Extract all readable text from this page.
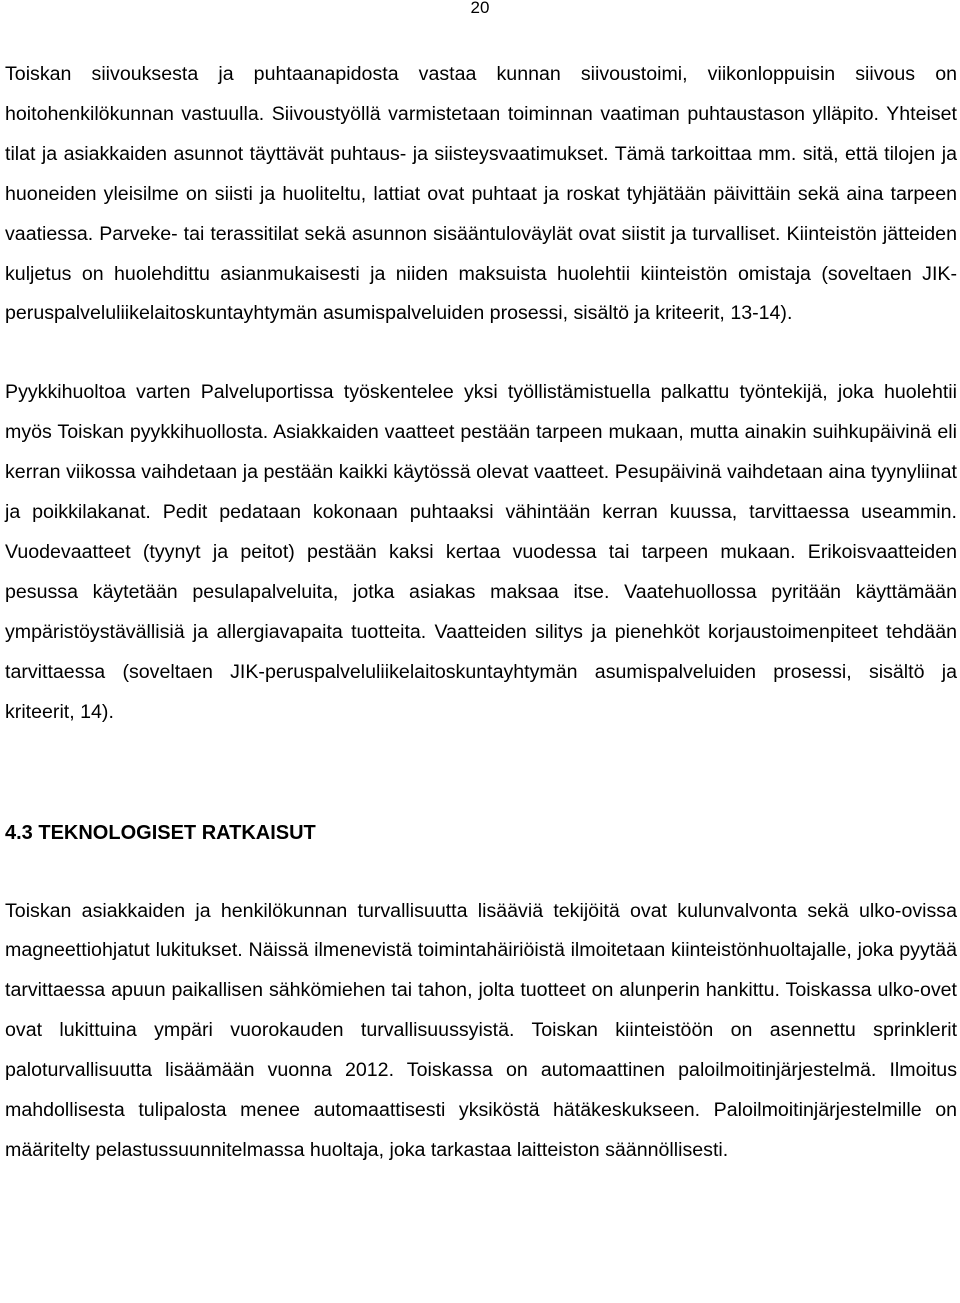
20

Toiskan siivouksesta ja puhtaanapidosta vastaa kunnan siivoustoimi, viikonloppuisin siivous on hoitohenkilökunnan vastuulla. Siivoustyöllä varmistetaan toiminnan vaatiman puhtaustason ylläpito. Yhteiset tilat ja asiakkaiden asunnot täyttävät puhtaus- ja siisteysvaatimukset. Tämä tarkoittaa mm. sitä, että tilojen ja huoneiden yleisilme on siisti ja huoliteltu, lattiat ovat puhtaat ja roskat tyhjätään päivittäin sekä aina tarpeen vaatiessa. Parveke- tai terassitilat sekä asunnon sisääntuloväylät ovat siistit ja turvalliset. Kiinteistön jätteiden kuljetus on huolehdittu asianmukaisesti ja niiden maksuista huolehtii kiinteistön omistaja (soveltaen JIK-peruspalveluliikelaitoskuntayhtymän asumispalveluiden prosessi, sisältö ja kriteerit, 13-14).

Pyykkihuoltoa varten Palveluportissa työskentelee yksi työllistämistuella palkattu työntekijä, joka huolehtii myös Toiskan pyykkihuollosta. Asiakkaiden vaatteet pestään tarpeen mukaan, mutta ainakin suihkupäivinä eli kerran viikossa vaihdetaan ja pestään kaikki käytössä olevat vaatteet. Pesupäivinä vaihdetaan aina tyynyliinat ja poikkilakanat. Pedit pedataan kokonaan puhtaaksi vähintään kerran kuussa, tarvittaessa useammin. Vuodevaatteet (tyynyt ja peitot) pestään kaksi kertaa vuodessa tai tarpeen mukaan. Erikoisvaatteiden pesussa käytetään pesulapalveluita, jotka asiakas maksaa itse. Vaatehuollossa pyritään käyttämään ympäristöystävällisiä ja allergiavapaita tuotteita. Vaatteiden silitys ja pienehköt korjaustoimenpiteet tehdään tarvittaessa (soveltaen JIK-peruspalveluliikelaitoskuntayhtymän asumispalveluiden prosessi, sisältö ja kriteerit, 14).

4.3 TEKNOLOGISET RATKAISUT

Toiskan asiakkaiden ja henkilökunnan turvallisuutta lisääviä tekijöitä ovat kulunvalvonta sekä ulko-ovissa magneettiohjatut lukitukset. Näissä ilmenevistä toimintahäiriöistä ilmoitetaan kiinteistönhuoltajalle, joka pyytää tarvittaessa apuun paikallisen sähkömiehen tai tahon, jolta tuotteet on alunperin hankittu. Toiskassa ulko-ovet ovat lukittuina ympäri vuorokauden turvallisuussyistä. Toiskan kiinteistöön on asennettu sprinklerit paloturvallisuutta lisäämään vuonna 2012. Toiskassa on automaattinen paloilmoitinjärjestelmä. Ilmoitus mahdollisesta tulipalosta menee automaattisesti yksiköstä hätäkeskukseen. Paloilmoitinjärjestelmille on määritelty pelastussuunnitelmassa huoltaja, joka tarkastaa laitteiston säännöllisesti.
